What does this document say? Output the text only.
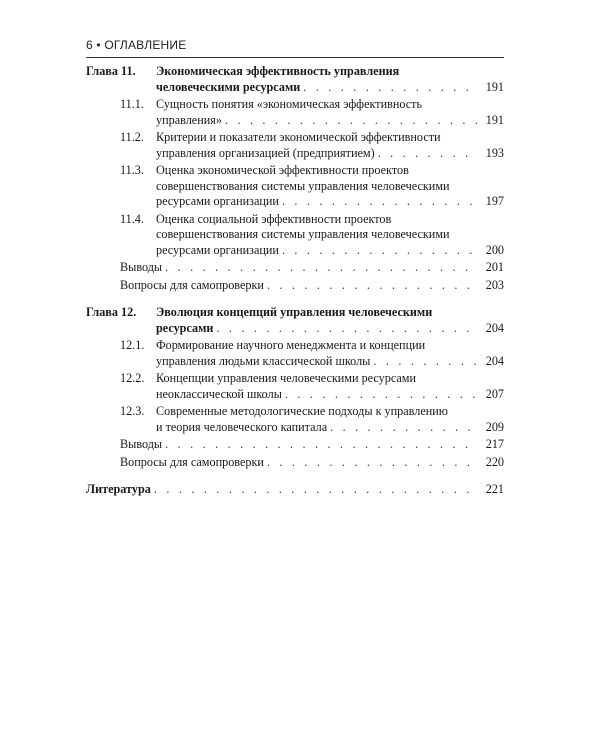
6 • ОГЛАВЛЕНИЕ
Глава 11. Экономическая эффективность управления
человеческими ресурсами . . .	191
11.1. Сущность понятия «экономическая эффективность
управления» . . .	191
11.2. Критерии и показатели экономической эффективности
управления организацией (предприятием) . . .	193
11.3. Оценка экономической эффективности проектов
совершенствования системы управления человеческими
ресурсами организации . . .	197
11.4. Оценка социальной эффективности проектов
совершенствования системы управления человеческими
ресурсами организации . . .	200
Выводы . . .	201
Вопросы для самопроверки . . .	203
Глава 12. Эволюция концепций управления человеческими
ресурсами . . .	204
12.1. Формирование научного менеджмента и концепции
управления людьми классической школы . . .	204
12.2. Концепции управления человеческими ресурсами
неоклассической школы . . .	207
12.3. Современные методологические подходы к управлению
и теория человеческого капитала . . .	209
Выводы . . .	217
Вопросы для самопроверки . . .	220
Литература . . .	221
